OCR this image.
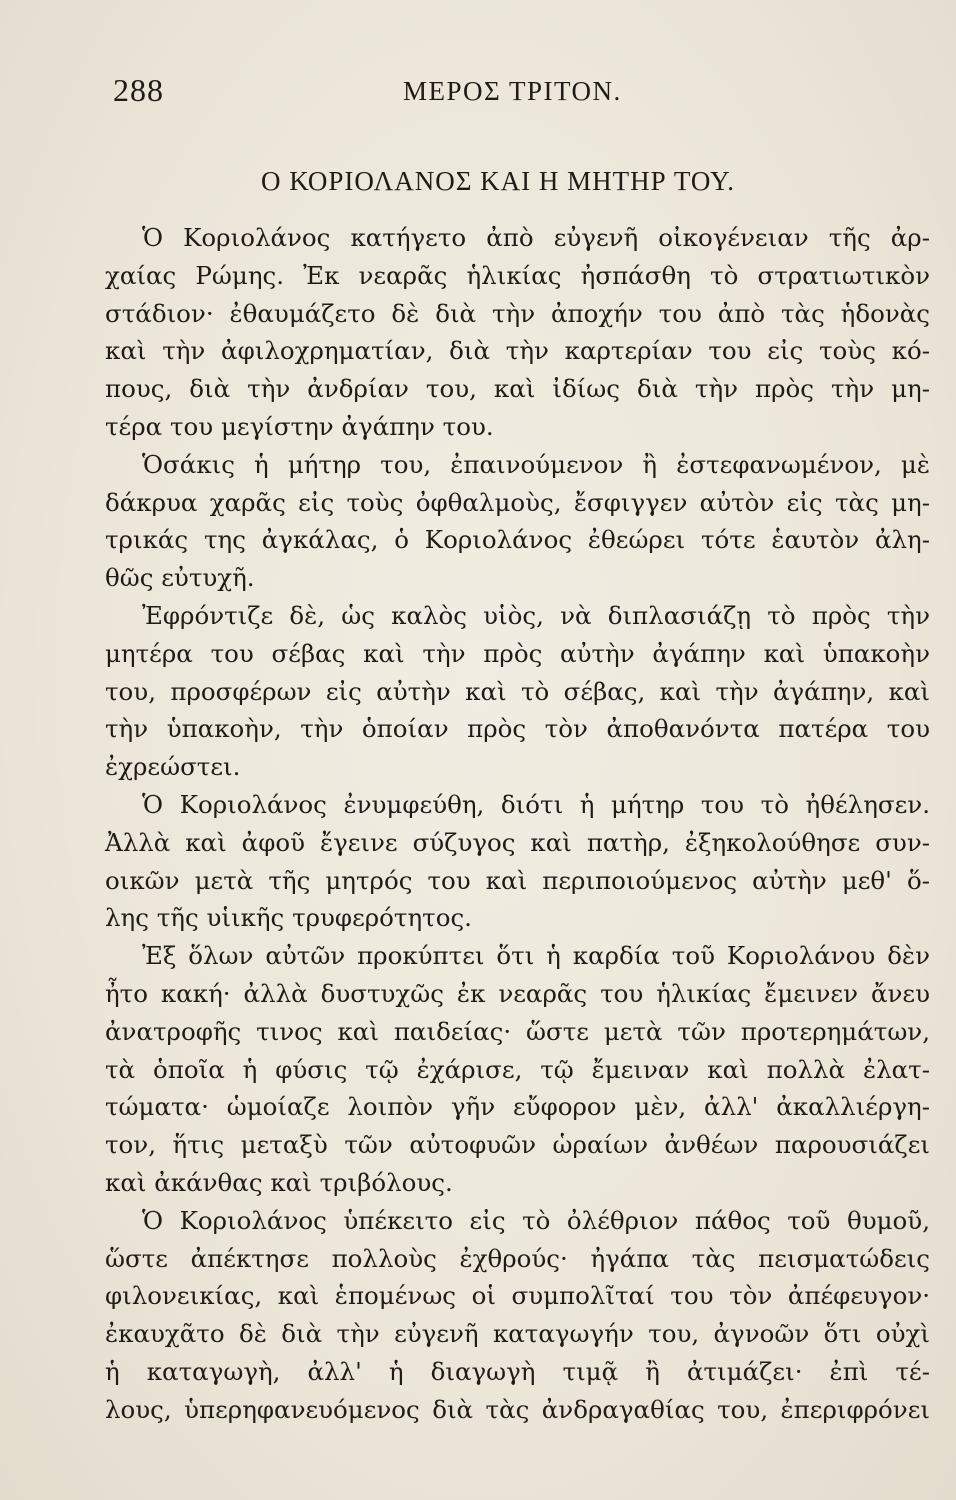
288	ΜΕΡΟΣ ΤΡΙΤΟΝ.
Ο ΚΟΡΙΟΛΑΝΟΣ ΚΑΙ Η ΜΗΤΗΡ ΤΟΥ.
Ὁ Κοριολάνος κατήγετο ἀπὸ εὐγενῆ οἰκογένειαν τῆς ἀρ-
χαίας Ρώμης. Ἐκ νεαρᾶς ἡλικίας ἠσπάσθη τὸ στρατιωτικὸν
στάδιον· ἐθαυμάζετο δὲ διὰ τὴν ἀποχήν του ἀπὸ τὰς ἡδονὰς
καὶ τὴν ἀφιλοχρηματίαν, διὰ τὴν καρτερίαν του εἰς τοὺς κό-
πους, διὰ τὴν ἀνδρίαν του, καὶ ἰδίως διὰ τὴν πρὸς τὴν μη-
τέρα του μεγίστην ἀγάπην του.
Ὁσάκις ἡ μήτηρ του, ἐπαινούμενον ἢ ἐστεφανωμένον, μὲ
δάκρυα χαρᾶς εἰς τοὺς ὀφθαλμοὺς, ἔσφιγγεν αὐτὸν εἰς τὰς μη-
τρικάς της ἀγκάλας, ὁ Κοριολάνος ἐθεώρει τότε ἑαυτὸν ἀλη-
θῶς εὐτυχῆ.
Ἐφρόντιζε δὲ, ὡς καλὸς υἱὸς, νὰ διπλασιάζῃ τὸ πρὸς τὴν
μητέρα του σέβας καὶ τὴν πρὸς αὐτὴν ἀγάπην καὶ ὑπακοὴν
του, προσφέρων εἰς αὐτὴν καὶ τὸ σέβας, καὶ τὴν ἀγάπην, καὶ
τὴν ὑπακοὴν, τὴν ὁποίαν πρὸς τὸν ἀποθανόντα πατέρα του
ἐχρεώστει.
Ὁ Κοριολάνος ἐνυμφεύθη, διότι ἡ μήτηρ του τὸ ἠθέλησεν.
Ἀλλὰ καὶ ἀφοῦ ἔγεινε σύζυγος καὶ πατὴρ, ἐξηκολούθησε συν-
οικῶν μετὰ τῆς μητρός του καὶ περιποιούμενος αὐτὴν μεθ' ὅ-
λης τῆς υἱικῆς τρυφερότητος.
Ἐξ ὅλων αὐτῶν προκύπτει ὅτι ἡ καρδία τοῦ Κοριολάνου δὲν
ἦτο κακή· ἀλλὰ δυστυχῶς ἐκ νεαρᾶς του ἡλικίας ἔμεινεν ἄνευ
ἀνατροφῆς τινος καὶ παιδείας· ὥστε μετὰ τῶν προτερημάτων,
τὰ ὁποῖα ἡ φύσις τῷ ἐχάρισε, τῷ ἔμειναν καὶ πολλὰ ἐλατ-
τώματα· ὡμοίαζε λοιπὸν γῆν εὔφορον μὲν, ἀλλ' ἀκαλλιέργη-
τον, ἥτις μεταξὺ τῶν αὐτοφυῶν ὡραίων ἀνθέων παρουσιάζει
καὶ ἀκάνθας καὶ τριβόλους.
Ὁ Κοριολάνος ὑπέκειτο εἰς τὸ ὀλέθριον πάθος τοῦ θυμοῦ,
ὥστε ἀπέκτησε πολλοὺς ἐχθρούς· ἠγάπα τὰς πεισματώδεις
φιλονεικίας, καὶ ἑπομένως οἱ συμπολῖταί του τὸν ἀπέφευγον·
ἐκαυχᾶτο δὲ διὰ τὴν εὐγενῆ καταγωγήν του, ἀγνοῶν ὅτι οὐχὶ
ἡ καταγωγὴ, ἀλλ' ἡ διαγωγὴ τιμᾷ ἢ ἀτιμάζει· ἐπὶ τέ-
λους, ὑπερηφανευόμενος διὰ τὰς ἀνδραγαθίας του, ἐπεριφρόνει
